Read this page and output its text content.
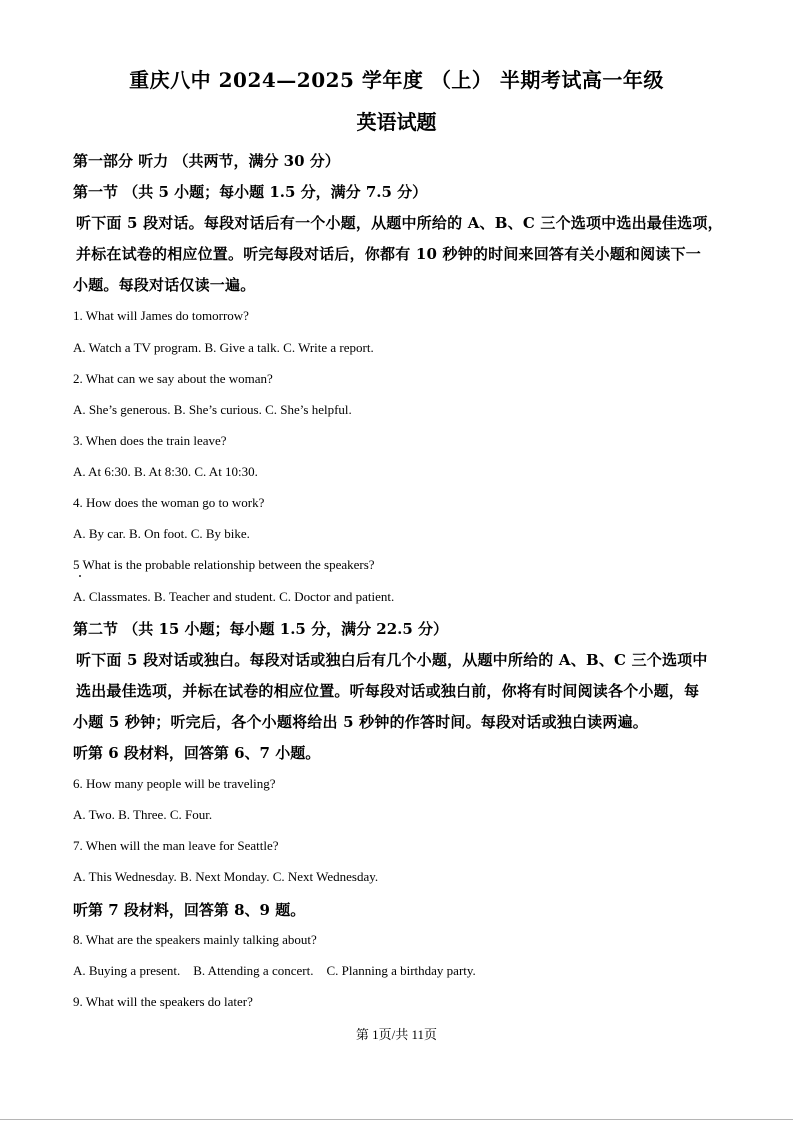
重庆八中 2024—2025 学年度 （上） 半期考试高一年级
英语试题
第一部分 听力 （共两节，满分 30 分）
第一节 （共 5 小题；每小题 1.5 分，满分 7.5 分）
听下面 5 段对话。每段对话后有一个小题，从题中所给的 A、B、C 三个选项中选出最佳选项，
并标在试卷的相应位置。听完每段对话后，你都有 10 秒钟的时间来回答有关小题和阅读下一
小题。每段对话仅读一遍。
1. What will James do tomorrow?
A. Watch a TV program. B. Give a talk. C. Write a report.
2. What can we say about the woman?
A. She’s generous. B. She’s curious. C. She’s helpful.
3. When does the train leave?
A. At 6:30. B. At 8:30. C. At 10:30.
4. How does the woman go to work?
A. By car. B. On foot. C. By bike.
5 What is the probable relationship between the speakers?
A. Classmates. B. Teacher and student. C. Doctor and patient.
第二节 （共 15 小题；每小题 1.5 分，满分 22.5 分）
听下面 5 段对话或独白。每段对话或独白后有几个小题，从题中所给的 A、B、C 三个选项中
选出最佳选项，并标在试卷的相应位置。听每段对话或独白前，你将有时间阅读各个小题，每
小题 5 秒钟；听完后，各个小题将给出 5 秒钟的作答时间。每段对话或独白读两遍。
听第 6 段材料，回答第 6、7 小题。
6. How many people will be traveling?
A. Two. B. Three. C. Four.
7. When will the man leave for Seattle?
A. This Wednesday. B. Next Monday. C. Next Wednesday.
听第 7 段材料，回答第 8、9 题。
8. What are the speakers mainly talking about?
A. Buying a present.    B. Attending a concert.    C. Planning a birthday party.
9. What will the speakers do later?
第 1页/共 11页
